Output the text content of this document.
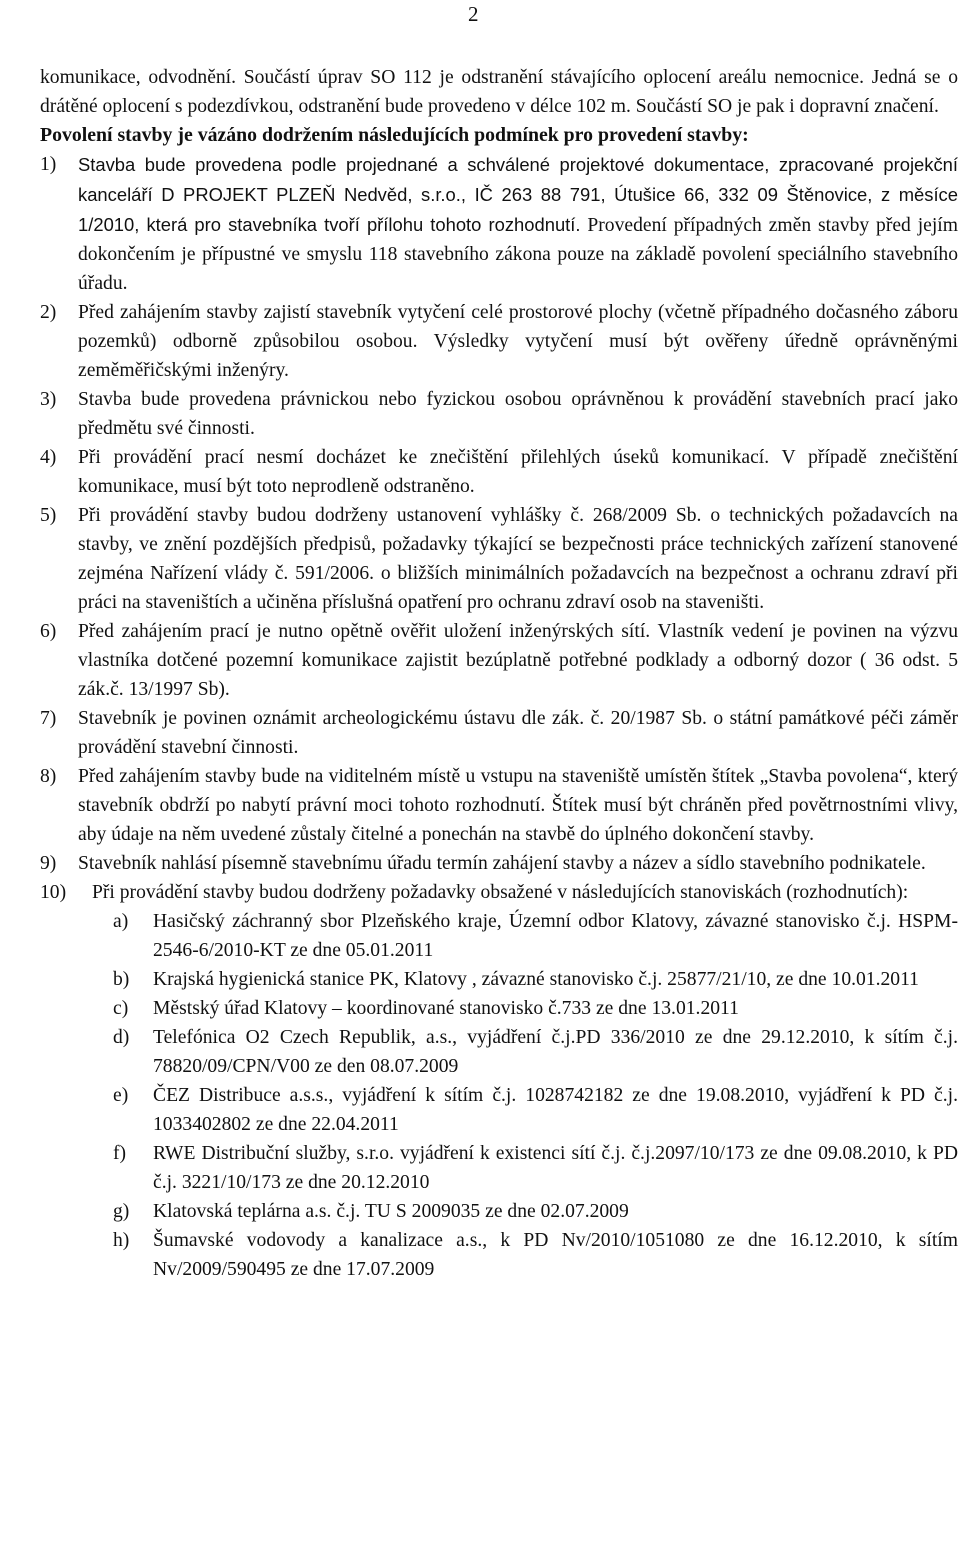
2

komunikace, odvodnění. Součástí úprav SO 112 je odstranění stávajícího oplocení areálu nemocnice. Jedná se o drátěné oplocení s podezdívkou, odstranění bude provedeno v délce 102 m. Součástí SO je pak i dopravní značení.

Povolení stavby je vázáno dodržením následujících podmínek pro provedení stavby:

1)	Stavba bude provedena podle projednané a schválené projektové dokumentace, zpracované projekční kanceláří D PROJEKT PLZEŇ Nedvěd, s.r.o., IČ 263 88 791, Útušice 66, 332 09 Štěnovice, z měsíce 1/2010, která pro stavebníka tvoří přílohu tohoto rozhodnutí. Provedení případných změn stavby před jejím dokončením je přípustné ve smyslu 118 stavebního zákona pouze na základě povolení speciálního stavebního úřadu.
2)	Před zahájením stavby zajistí stavebník vytyčení celé prostorové plochy (včetně případného dočasného záboru pozemků) odborně způsobilou osobou. Výsledky vytyčení musí být ověřeny úředně oprávněnými zeměměřičskými inženýry.
3)	Stavba bude provedena právnickou nebo fyzickou osobou oprávněnou k provádění stavebních prací jako předmětu své činnosti.
4)	Při provádění prací nesmí docházet ke znečištění přilehlých úseků komunikací. V případě znečištění komunikace, musí být toto neprodleně odstraněno.
5)	Při provádění stavby budou dodrženy ustanovení vyhlášky č. 268/2009 Sb. o technických požadavcích na stavby, ve znění pozdějších předpisů, požadavky týkající se bezpečnosti práce technických zařízení stanovené zejména Nařízení vlády č. 591/2006. o bližších minimálních požadavcích na bezpečnost a ochranu zdraví při práci na staveništích a učiněna příslušná opatření pro ochranu zdraví osob na staveništi.
6)	Před zahájením prací je nutno opětně ověřit uložení inženýrských sítí. Vlastník vedení je povinen na výzvu vlastníka dotčené pozemní komunikace zajistit bezúplatně potřebné podklady a odborný dozor ( 36 odst. 5 zák.č. 13/1997 Sb).
7)	Stavebník je povinen oznámit archeologickému ústavu dle zák. č. 20/1987 Sb. o státní památkové péči záměr provádění stavební činnosti.
8)	Před zahájením stavby bude na viditelném místě u vstupu na staveniště umístěn štítek „Stavba povolena“, který stavebník obdrží po nabytí právní moci tohoto rozhodnutí. Štítek musí být chráněn před povětrnostními vlivy, aby údaje na něm uvedené zůstaly čitelné a ponechán na stavbě do úplného dokončení stavby.
9)	Stavebník nahlásí písemně stavebnímu úřadu termín zahájení stavby a název a sídlo stavebního podnikatele.
10)	Při provádění stavby budou dodrženy požadavky obsažené v následujících stanoviskách (rozhodnutích):
a)	Hasičský záchranný sbor Plzeňského kraje, Územní odbor Klatovy, závazné stanovisko č.j. HSPM-2546-6/2010-KT ze dne 05.01.2011
b)	Krajská hygienická stanice PK, Klatovy , závazné stanovisko č.j. 25877/21/10, ze dne 10.01.2011
c)	Městský úřad Klatovy – koordinované stanovisko č.733 ze dne 13.01.2011
d)	Telefónica O2 Czech Republik, a.s., vyjádření č.j.PD 336/2010 ze dne 29.12.2010, k sítím č.j. 78820/09/CPN/V00 ze den 08.07.2009
e)	ČEZ Distribuce a.s.s., vyjádření k sítím č.j. 1028742182 ze dne 19.08.2010, vyjádření k PD č.j. 1033402802 ze dne 22.04.2011
f)	RWE Distribuční služby, s.r.o. vyjádření k existenci sítí č.j. č.j.2097/10/173 ze dne 09.08.2010, k PD č.j. 3221/10/173 ze dne 20.12.2010
g)	Klatovská teplárna a.s. č.j. TU S 2009035 ze dne 02.07.2009
h)	Šumavské vodovody a kanalizace a.s., k PD Nv/2010/1051080 ze dne 16.12.2010, k sítím Nv/2009/590495 ze dne 17.07.2009
